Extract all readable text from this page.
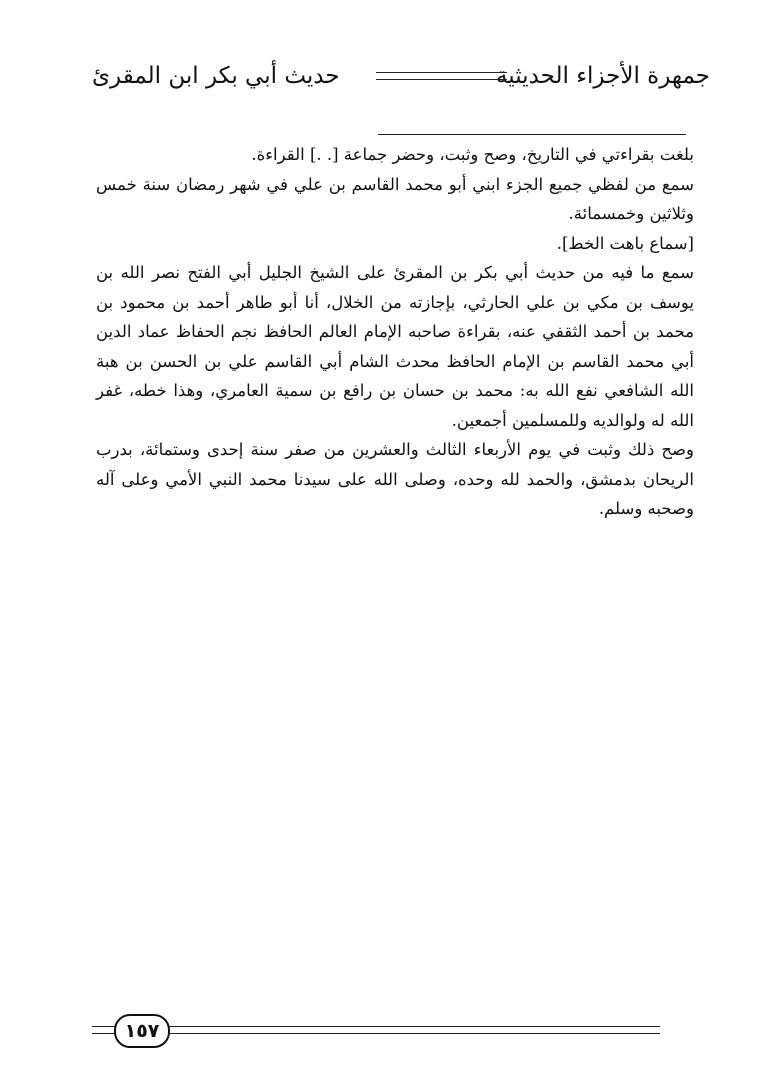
جمهرة الأجزاء الحديثية
حديث أبي بكر ابن المقرئ

بلغت بقراءتي في التاريخ، وصح وثبت، وحضر جماعة [. .] القراءة.

سمع من لفظي جميع الجزء ابني أبو محمد القاسم بن علي في شهر رمضان سنة خمس وثلاثين وخمسمائة.

[سماع باهت الخط].

سمع ما فيه من حديث أبي بكر بن المقرئ على الشيخ الجليل أبي الفتح نصر الله بن يوسف بن مكي بن علي الحارثي، بإجازته من الخلال، أنا أبو طاهر أحمد بن محمود بن محمد بن أحمد الثقفي عنه، بقراءة صاحبه الإمام العالم الحافظ نجم الحفاظ عماد الدين أبي محمد القاسم بن الإمام الحافظ محدث الشام أبي القاسم علي بن الحسن بن هبة الله الشافعي نفع الله به: محمد بن حسان بن رافع بن سمية العامري، وهذا خطه، غفر الله له ولوالديه وللمسلمين أجمعين.

وصح ذلك وثبت في يوم الأربعاء الثالث والعشرين من صفر سنة إحدى وستمائة، بدرب الريحان بدمشق، والحمد لله وحده، وصلى الله على سيدنا محمد النبي الأمي وعلى آله وصحبه وسلم.

١٥٧
